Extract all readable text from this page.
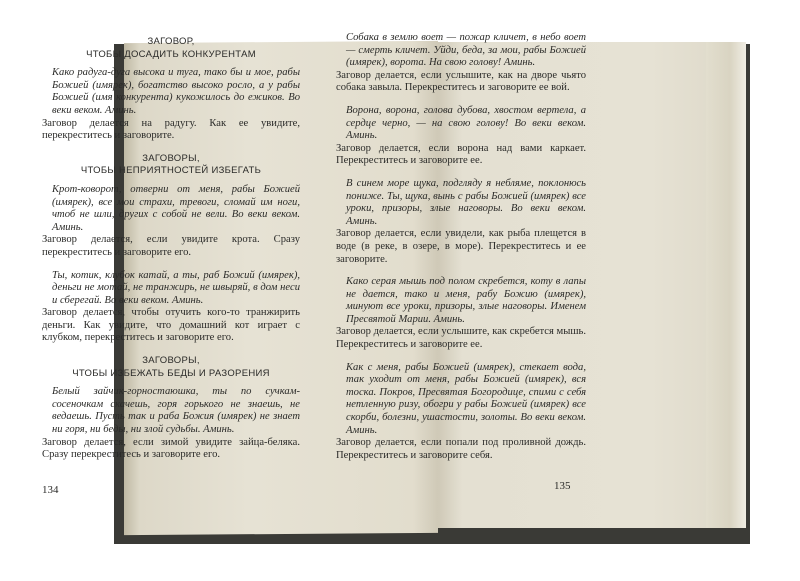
ЗАГОВОР,
ЧТОБЫ ДОСАДИТЬ КОНКУРЕНТАМ
Како радуга-дуга высока и туга, тако бы и мое, рабы Божией (имярек), богатство высоко росло, а у рабы Божией (имя конкурента) кукожилось до ежиков. Во веки веком. Аминь.
Заговор делается на радугу. Как ее увидите, перекреститесь и заговорите.
ЗАГОВОРЫ,
ЧТОБЫ НЕПРИЯТНОСТЕЙ ИЗБЕГАТЬ
Крот-коворот, отверни от меня, рабы Божией (имярек), все мои страхи, тревоги, сломай им ноги, чтоб не шли, других с собой не вели. Во веки веком. Аминь.
Заговор делается, если увидите крота. Сразу перекреститесь и заговорите его.
Ты, котик, клубок катай, а ты, раб Божий (имярек), деньги не мотай, не транжирь, не швыряй, в дом неси и сберегай. Во веки веком. Аминь.
Заговор делается, чтобы отучить кого-то транжирить деньги. Как увидите, что домашний кот играет с клубком, перекреститесь и заговорите его.
ЗАГОВОРЫ,
ЧТОБЫ ИЗБЕЖАТЬ БЕДЫ И РАЗОРЕНИЯ
Белый зайчик-горностаюшка, ты по сучкам-сосеночкам скачешь, горя горького не знаешь, не ведаешь. Пусть так и раба Божия (имярек) не знает ни горя, ни беды, ни злой судьбы. Аминь.
Заговор делается, если зимой увидите зайца-беляка. Сразу перекреститесь и заговорите его.
134
Собака в землю воет — пожар кличет, в небо воет — смерть кличет. Уйди, беда, за мои, рабы Божией (имярек), ворота. На свою голову! Аминь.
Заговор делается, если услышите, как на дворе чьято собака завыла. Перекреститесь и заговорите ее вой.
Ворона, ворона, голова дубова, хвостом вертела, а сердце черно, — на свою голову! Во веки веком. Аминь.
Заговор делается, если ворона над вами каркает. Перекреститесь и заговорите ее.
В синем море щука, подгляду я небляме, поклонюсь пониже. Ты, щука, вынь с рабы Божией (имярек) все уроки, призоры, злые наговоры. Во веки веком. Аминь.
Заговор делается, если увидели, как рыба плещется в воде (в реке, в озере, в море). Перекреститесь и ее заговорите.
Како серая мышь под полом скребется, коту в лапы не дается, тако и меня, рабу Божию (имярек), минуют все уроки, призоры, злые наговоры. Именем Пресвятой Марии. Аминь.
Заговор делается, если услышите, как скребется мышь. Перекреститесь и заговорите ее.
Как с меня, рабы Божией (имярек), стекает вода, так уходит от меня, рабы Божией (имярек), вся тоска. Покров, Пресвятая Богородице, спими с себя нетленную ризу, обогри у рабы Божией (имярек) все скорби, болезни, ушастости, золоты. Во веки веком. Аминь.
Заговор делается, если попали под проливной дождь. Перекреститесь и заговорите себя.
135
